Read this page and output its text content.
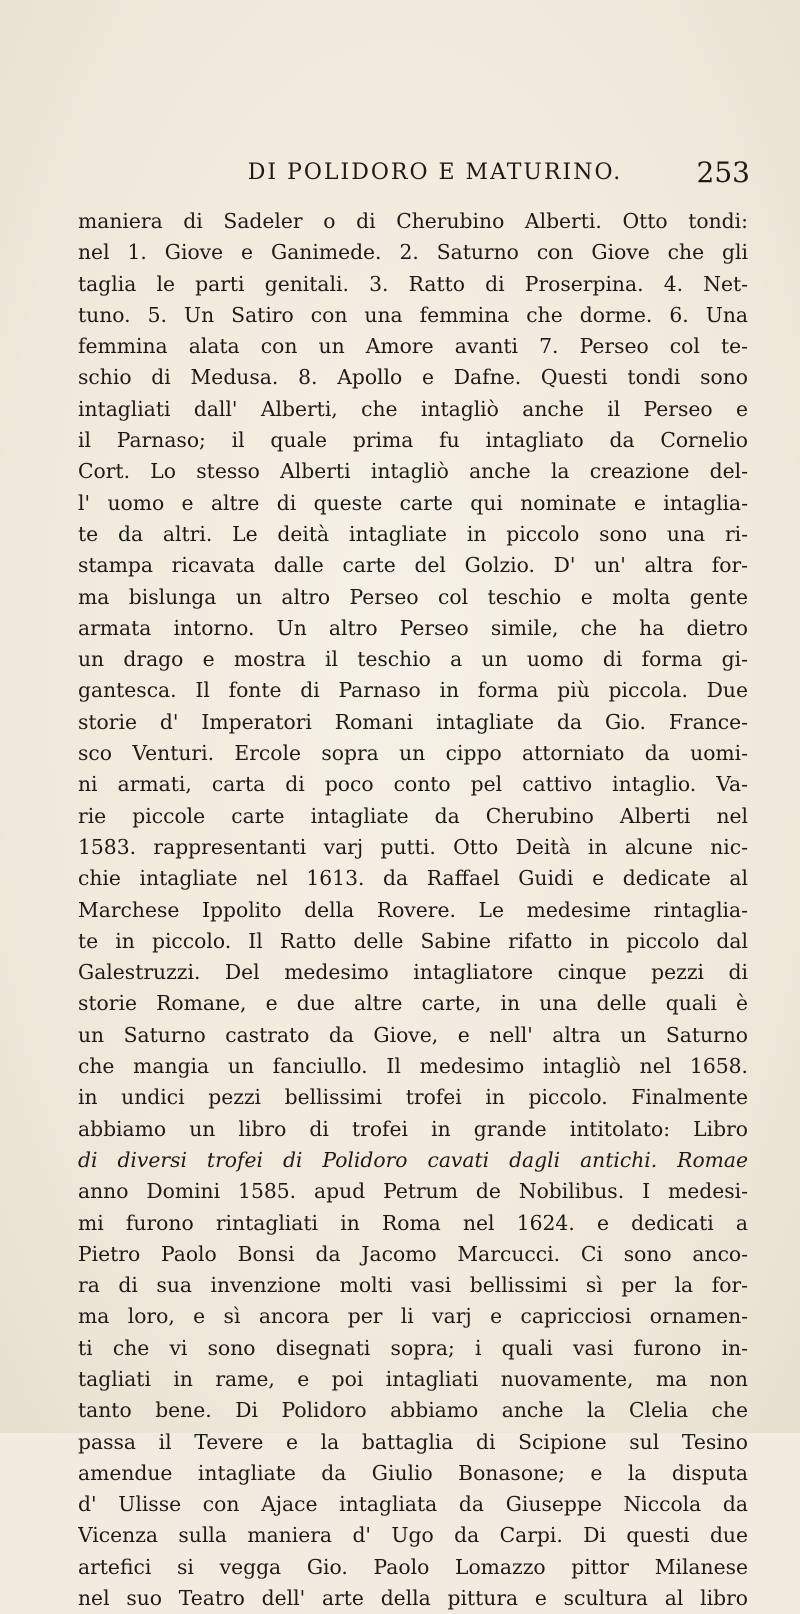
DI POLIDORO E MATURINO.	253
maniera di Sadeler o di Cherubino Alberti. Otto tondi:
nel 1. Giove e Ganimede. 2. Saturno con Giove che gli
taglia le parti genitali. 3. Ratto di Proserpina. 4. Net-
tuno. 5. Un Satiro con una femmina che dorme. 6. Una
femmina alata con un Amore avanti 7. Perseo col te-
schio di Medusa. 8. Apollo e Dafne. Questi tondi sono
intagliati dall' Alberti, che intagliò anche il Perseo e
il Parnaso; il quale prima fu intagliato da Cornelio
Cort. Lo stesso Alberti intagliò anche la creazione del-
l' uomo e altre di queste carte qui nominate e intaglia-
te da altri. Le deità intagliate in piccolo sono una ri-
stampa ricavata dalle carte del Golzio. D' un' altra for-
ma bislunga un altro Perseo col teschio e molta gente
armata intorno. Un altro Perseo simile, che ha dietro
un drago e mostra il teschio a un uomo di forma gi-
gantesca. Il fonte di Parnaso in forma più piccola. Due
storie d' Imperatori Romani intagliate da Gio. France-
sco Venturi. Ercole sopra un cippo attorniato da uomi-
ni armati, carta di poco conto pel cattivo intaglio. Va-
rie piccole carte intagliate da Cherubino Alberti nel
1583. rappresentanti varj putti. Otto Deità in alcune nic-
chie intagliate nel 1613. da Raffael Guidi e dedicate al
Marchese Ippolito della Rovere. Le medesime rintaglia-
te in piccolo. Il Ratto delle Sabine rifatto in piccolo dal
Galestruzzi. Del medesimo intagliatore cinque pezzi di
storie Romane, e due altre carte, in una delle quali è
un Saturno castrato da Giove, e nell' altra un Saturno
che mangia un fanciullo. Il medesimo intagliò nel 1658.
in undici pezzi bellissimi trofei in piccolo. Finalmente
abbiamo un libro di trofei in grande intitolato: Libro
di diversi trofei di Polidoro cavati dagli antichi. Romae
anno Domini 1585. apud Petrum de Nobilibus. I medesi-
mi furono rintagliati in Roma nel 1624. e dedicati a
Pietro Paolo Bonsi da Jacomo Marcucci. Ci sono anco-
ra di sua invenzione molti vasi bellissimi sì per la for-
ma loro, e sì ancora per li varj e capricciosi ornamen-
ti che vi sono disegnati sopra; i quali vasi furono in-
tagliati in rame, e poi intagliati nuovamente, ma non
tanto bene. Di Polidoro abbiamo anche la Clelia che
passa il Tevere e la battaglia di Scipione sul Tesino
amendue intagliate da Giulio Bonasone; e la disputa
d' Ulisse con Ajace intagliata da Giuseppe Niccola da
Vicenza sulla maniera d' Ugo da Carpi. Di questi due
artefici si vegga Gio. Paolo Lomazzo pittor Milanese
nel suo Teatro dell' arte della pittura e scultura al libro
